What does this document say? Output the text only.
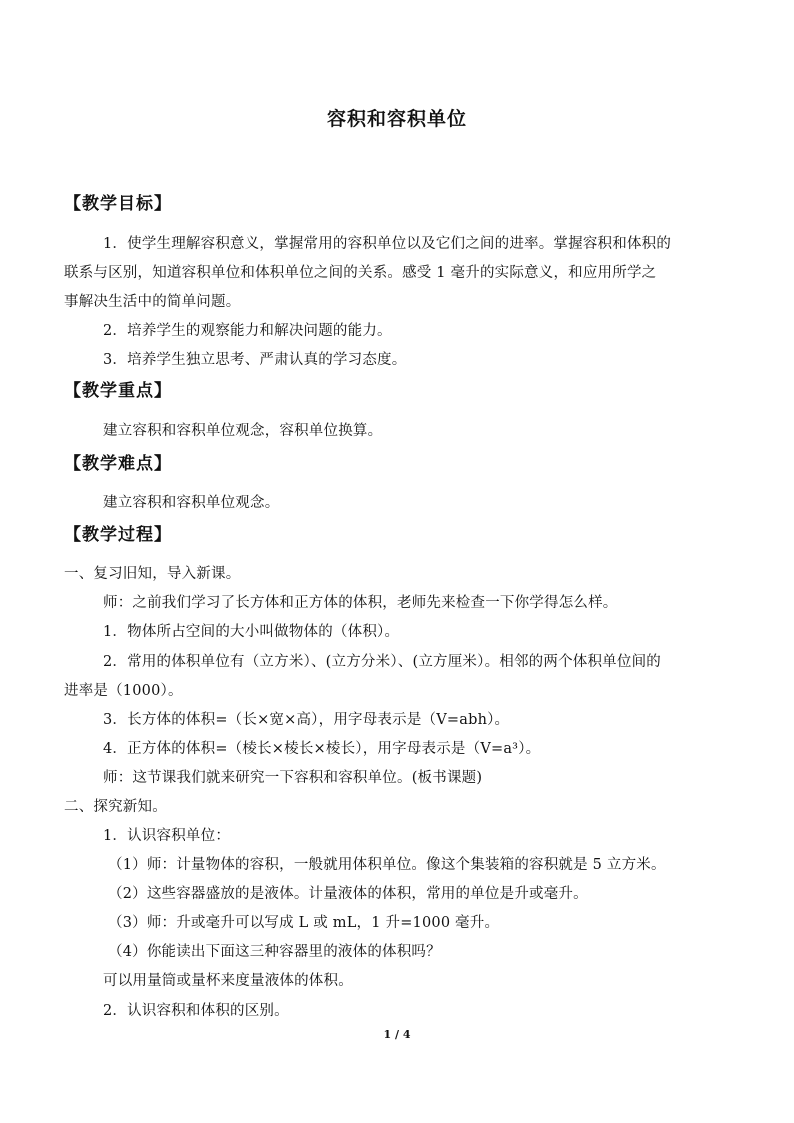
容积和容积单位
【教学目标】
1．使学生理解容积意义，掌握常用的容积单位以及它们之间的进率。掌握容积和体积的
联系与区别，知道容积单位和体积单位之间的关系。感受 1 毫升的实际意义，和应用所学之
事解决生活中的简单问题。
2．培养学生的观察能力和解决问题的能力。
3．培养学生独立思考、严肃认真的学习态度。
【教学重点】
建立容积和容积单位观念，容积单位换算。
【教学难点】
建立容积和容积单位观念。
【教学过程】
一、复习旧知，导入新课。
师：之前我们学习了长方体和正方体的体积，老师先来检查一下你学得怎么样。
1．物体所占空间的大小叫做物体的（体积）。
2．常用的体积单位有（立方米）、(立方分米）、(立方厘米）。相邻的两个体积单位间的
进率是（1000）。
3．长方体的体积=（长×宽×高），用字母表示是（V=abh）。
4．正方体的体积=（棱长×棱长×棱长），用字母表示是（V=a³）。
师：这节课我们就来研究一下容积和容积单位。(板书课题)
二、探究新知。
1．认识容积单位：
（1）师：计量物体的容积，一般就用体积单位。像这个集装箱的容积就是 5 立方米。
（2）这些容器盛放的是液体。计量液体的体积，常用的单位是升或毫升。
（3）师：升或毫升可以写成 L 或 mL，1 升=1000 毫升。
（4）你能读出下面这三种容器里的液体的体积吗？
可以用量筒或量杯来度量液体的体积。
2．认识容积和体积的区别。
1 / 4
